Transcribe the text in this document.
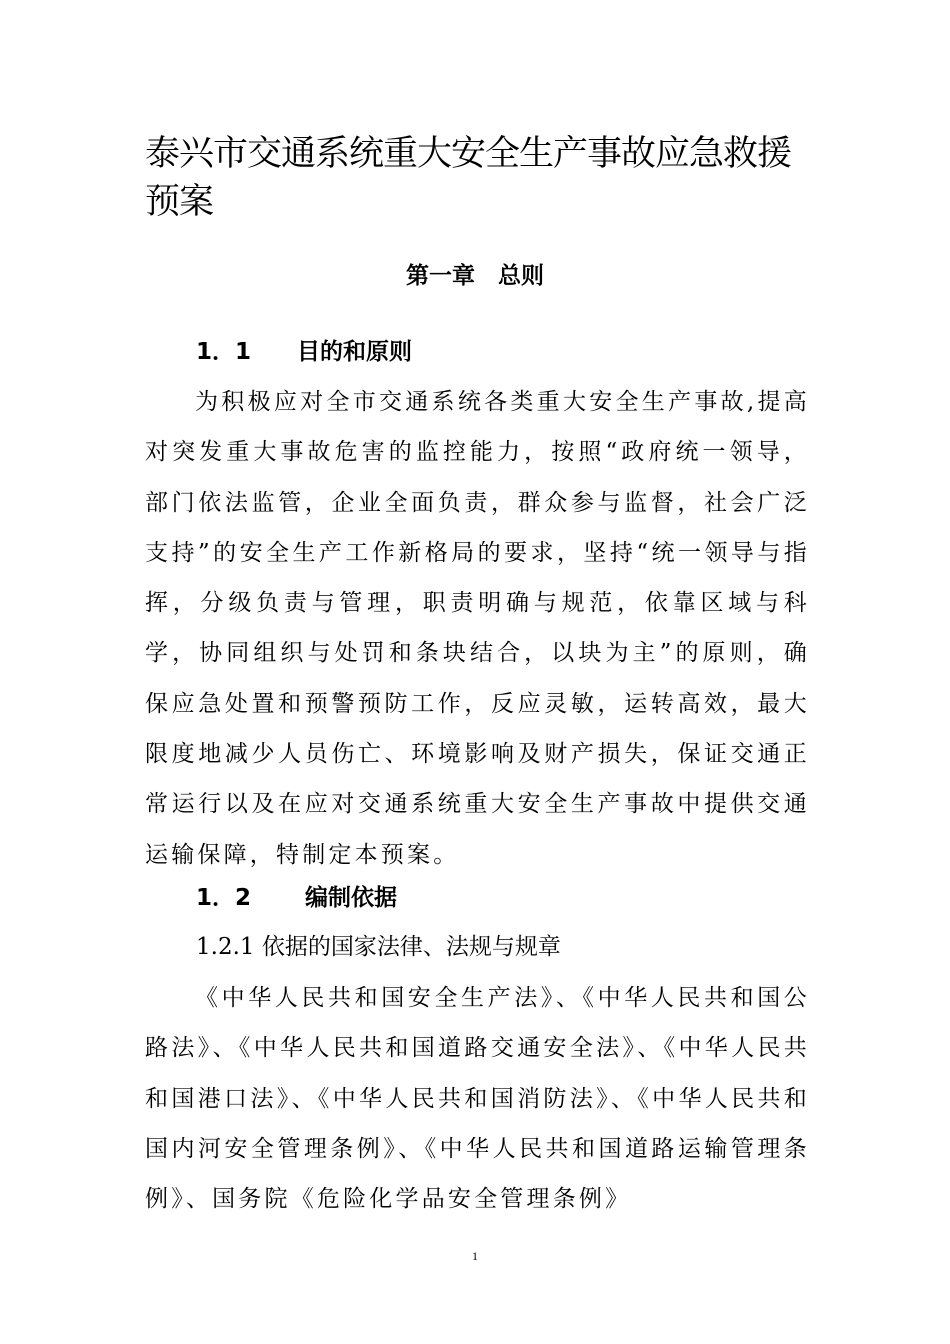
泰兴市交通系统重大安全生产事故应急救援预案
第一章　总则
1．1　　目的和原则

为积极应对全市交通系统各类重大安全生产事故,提高对突发重大事故危害的监控能力，按照“政府统一领导，部门依法监管，企业全面负责，群众参与监督，社会广泛支持”的安全生产工作新格局的要求，坚持“统一领导与指挥，分级负责与管理，职责明确与规范，依靠区域与科学，协同组织与处罚和条块结合，以块为主”的原则，确保应急处置和预警预防工作，反应灵敏，运转高效，最大限度地减少人员伤亡、环境影响及财产损失，保证交通正常运行以及在应对交通系统重大安全生产事故中提供交通运输保障，特制定本预案。

1．2　　 编制依据
1.2.1 依据的国家法律、法规与规章

《中华人民共和国安全生产法》、《中华人民共和国公路法》、《中华人民共和国道路交通安全法》、《中华人民共和国港口法》、《中华人民共和国消防法》、《中华人民共和国内河安全管理条例》、《中华人民共和国道路运输管理条例》、国务院《危险化学品安全管理条例》

1
